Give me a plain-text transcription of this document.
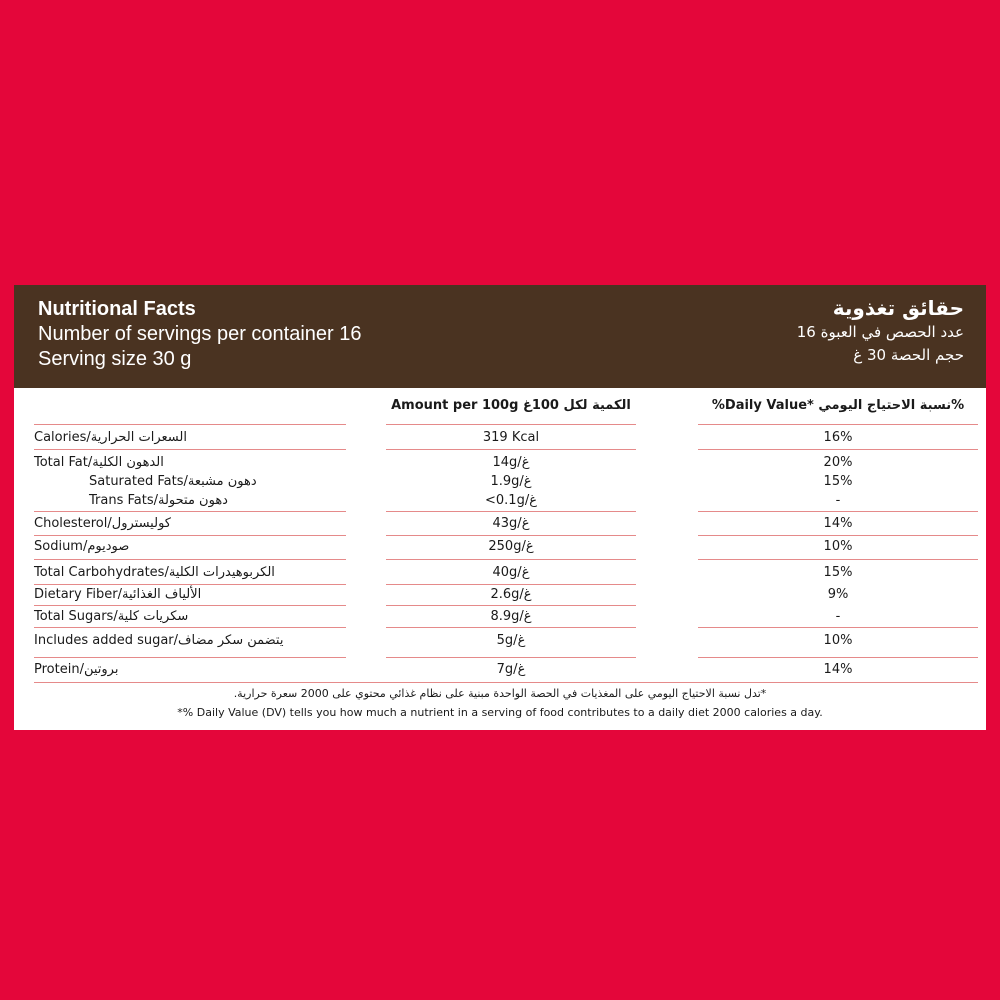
Nutritional Facts
Number of servings per container 16
Serving size 30 g
حقائق تغذوية
عدد الحصص في العبوة 16
حجم الحصة 30 غ
Amount per 100g الكمية لكل 100غ	%Daily Value* نسبة الاحتياج اليومي%
Calories/السعرات الحرارية	319 Kcal	16%
Total Fat/الدهون الكلية	14g/غ	20%
Saturated Fats/دهون مشبعة	1.9g/غ	15%
Trans Fats/دهون متحولة	<0.1g/غ	-
Cholesterol/كوليسترول	43g/غ	14%
Sodium/صوديوم	250g/غ	10%
Total Carbohydrates/الكربوهيدرات الكلية	40g/غ	15%
Dietary Fiber/الألياف الغذائية	2.6g/غ	9%
Total Sugars/سكريات كلية	8.9g/غ	-
Includes added sugar/يتضمن سكر مضاف	5g/غ	10%
Protein/بروتين	7g/غ	14%
*تدل نسبة الاحتياج اليومي على المغذيات في الحصة الواحدة مبنية على نظام غذائي محتوي على 2000 سعرة حرارية.
*% Daily Value (DV) tells you how much a nutrient in a serving of food contributes to a daily diet 2000 calories a day.
